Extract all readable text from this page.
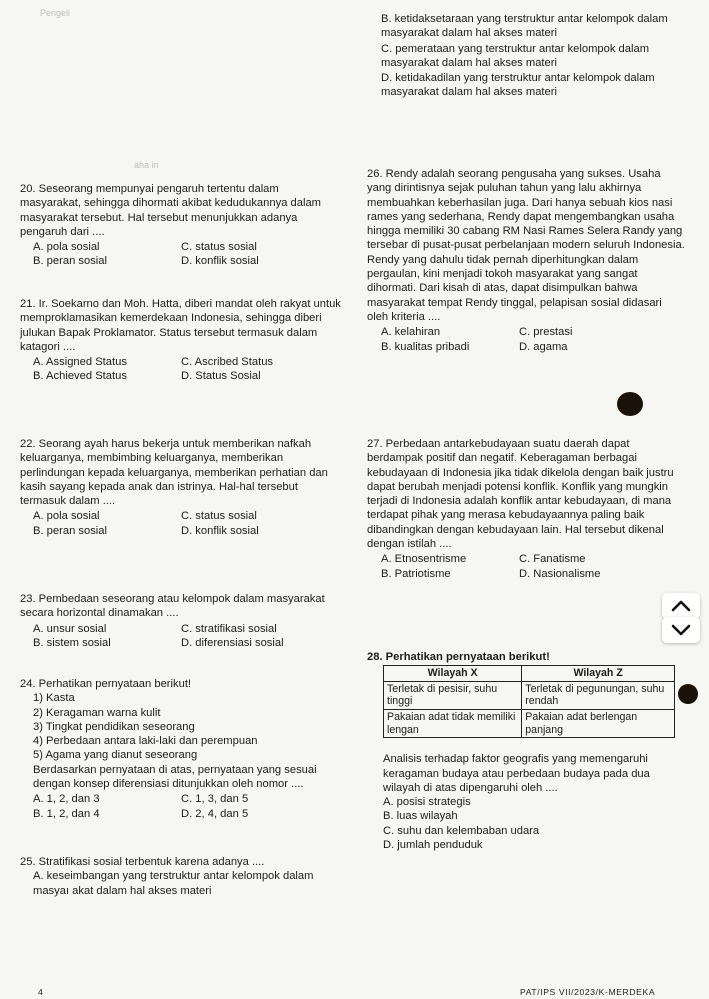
Pengeli
aha in

B. ketidaksetaraan yang terstruktur antar kelompok dalam masyarakat dalam hal akses materi

C. pemerataan yang terstruktur antar kelompok dalam masyarakat dalam hal akses materi

D. ketidakadilan yang terstruktur antar kelompok dalam masyarakat dalam hal akses materi

20. Seseorang mempunyai pengaruh tertentu dalam masyarakat, sehingga dihormati akibat kedudukannya dalam masyarakat tersebut. Hal tersebut menunjukkan adanya pengaruh dari ....

A. pola sosial	C. status sosial
B. peran sosial	D. konflik sosial

21. Ir. Soekarno dan Moh. Hatta, diberi mandat oleh rakyat untuk memproklamasikan kemerdekaan Indonesia, sehingga diberi julukan Bapak Proklamator. Status tersebut termasuk dalam katagori ....

A. Assigned Status	C. Ascribed Status
B. Achieved Status	D. Status Sosial

22. Seorang ayah harus bekerja untuk memberikan nafkah keluarganya, membimbing keluarganya, memberikan perlindungan kepada keluarganya, memberikan perhatian dan kasih sayang kepada anak dan istrinya. Hal-hal tersebut termasuk dalam ....

A. pola sosial	C. status sosial
B. peran sosial	D. konflik sosial

23. Pembedaan seseorang atau kelompok dalam masyarakat secara horizontal dinamakan ....

A. unsur sosial	C. stratifikasi sosial
B. sistem sosial	D. diferensiasi sosial

24. Perhatikan pernyataan berikut!

1) Kasta
2) Keragaman warna kulit
3) Tingkat pendidikan seseorang
4) Perbedaan antara laki-laki dan perempuan
5) Agama yang dianut seseorang

Berdasarkan pernyataan di atas, pernyataan yang sesuai dengan konsep diferensiasi ditunjukkan oleh nomor ....

A. 1, 2, dan 3	C. 1, 3, dan 5
B. 1, 2, dan 4	D. 2, 4, dan 5

25. Stratifikasi sosial terbentuk karena adanya ....

A. keseimbangan yang terstruktur antar kelompok dalam masyaı akat dalam hal akses materi

26. Rendy adalah seorang pengusaha yang sukses. Usaha yang dirintisnya sejak puluhan tahun yang lalu akhirnya membuahkan keberhasilan juga. Dari hanya sebuah kios nasi rames yang sederhana, Rendy dapat mengembangkan usaha hingga memiliki 30 cabang RM Nasi Rames Selera Randy yang tersebar di pusat-pusat perbelanjaan modern seluruh Indonesia. Rendy yang dahulu tidak pernah diperhitungkan dalam pergaulan, kini menjadi tokoh masyarakat yang sangat dihormati. Dari kisah di atas, dapat disimpulkan bahwa masyarakat tempat Rendy tinggal, pelapisan sosial didasari oleh kriteria ....

A. kelahiran	C. prestasi
B. kualitas pribadi	D. agama

27. Perbedaan antarkebudayaan suatu daerah dapat berdampak positif dan negatif. Keberagaman berbagai kebudayaan di Indonesia jika tidak dikelola dengan baik justru dapat berubah menjadi potensi konflik. Konflik yang mungkin terjadi di Indonesia adalah konflik antar kebudayaan, di mana terdapat pihak yang merasa kebudayaannya paling baik dibandingkan dengan kebudayaan lain. Hal tersebut dikenal dengan istilah ....

A. Etnosentrisme	C. Fanatisme
B. Patriotisme	D. Nasionalisme

28. Perhatikan pernyataan berikut!

Wilayah X	Wilayah Z
Terletak di pesisir, suhu tinggi	Terletak di pegunungan, suhu rendah
Pakaian adat tidak memiliki lengan	Pakaian adat berlengan panjang

Analisis terhadap faktor geografis yang memengaruhi keragaman budaya atau perbedaan budaya pada dua wilayah di atas dipengaruhi oleh ....

A. posisi strategis
B. luas wilayah
C. suhu dan kelembaban udara
D. jumlah penduduk
4	PAT/IPS VII/2023/K-MERDEKA
